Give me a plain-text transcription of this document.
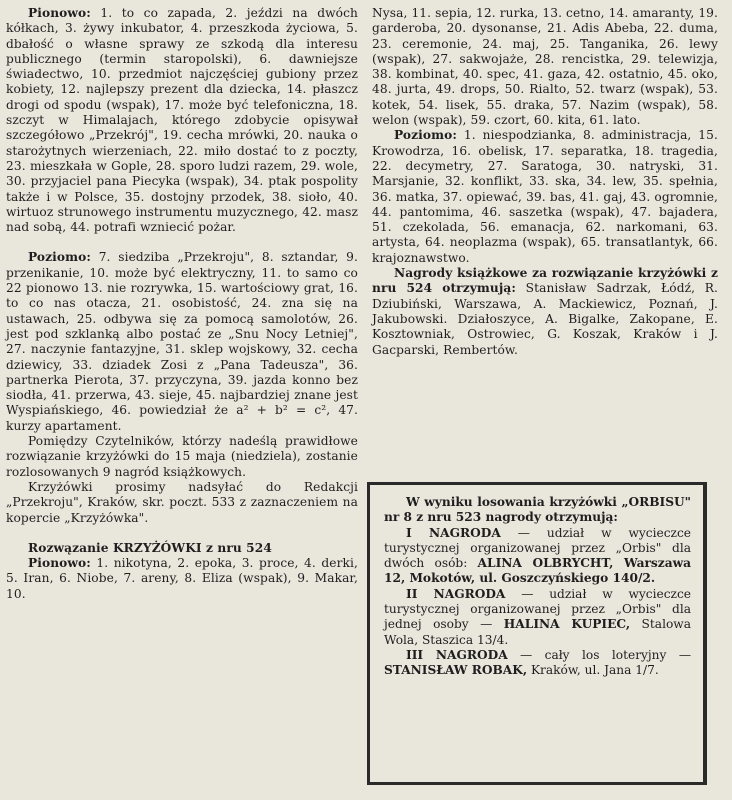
Pionowo: 1. to co zapada, 2. jeździ na dwóch kółkach, 3. żywy inkubator, 4. przeszkoda życiowa, 5. dbałość o własne sprawy ze szkodą dla interesu publicznego (termin staropolski), 6. dawniejsze świadectwo, 10. przedmiot najczęściej gubiony przez kobiety, 12. najlepszy prezent dla dziecka, 14. płaszcz drogi od spodu (wspak), 17. może być telefoniczna, 18. szczyt w Himalajach, którego zdobycie opisywał szczegółowo „Przekrój", 19. cecha mrówki, 20. nauka o starożytnych wierzeniach, 22. miło dostać to z poczty, 23. mieszkała w Gople, 28. sporo ludzi razem, 29. wole, 30. przyjaciel pana Piecyka (wspak), 34. ptak pospolity także i w Polsce, 35. dostojny przodek, 38. sioło, 40. wirtuoz strunowego instrumentu muzycznego, 42. masz nad sobą, 44. potrafi wzniecić pożar.

Poziomo: 7. siedziba „Przekroju", 8. sztandar, 9. przenikanie, 10. może być elektryczny, 11. to samo co 22 pionowo 13. nie rozrywka, 15. wartościowy grat, 16. to co nas otacza, 21. osobistość, 24. zna się na ustawach, 25. odbywa się za pomocą samolotów, 26. jest pod szklanką albo postać ze „Snu Nocy Letniej", 27. naczynie fantazyjne, 31. sklep wojskowy, 32. cecha dziewicy, 33. dziadek Zosi z „Pana Tadeusza", 36. partnerka Pierota, 37. przyczyna, 39. jazda konno bez siodła, 41. przerwa, 43. sieje, 45. najbardziej znane jest Wyspiańskiego, 46. powiedział że a² + b² = c², 47. kurzy apartament.

Pomiędzy Czytelników, którzy nadeślą prawidłowe rozwiązanie krzyżówki do 15 maja (niedziela), zostanie rozlosowanych 9 nagród książkowych.

Krzyżówki prosimy nadsyłać do Redakcji „Przekroju", Kraków, skr. poczt. 533 z zaznaczeniem na kopercie „Krzyżówka".

Rozwązanie KRZYŻÓWKI z nru 524

Pionowo: 1. nikotyna, 2. epoka, 3. proce, 4. derki, 5. Iran, 6. Niobe, 7. areny, 8. Eliza (wspak), 9. Makar, 10.

Nysa, 11. sepia, 12. rurka, 13. cetno, 14. amaranty, 19. garderoba, 20. dysonanse, 21. Adis Abeba, 22. duma, 23. ceremonie, 24. maj, 25. Tanganika, 26. lewy (wspak), 27. sakwojaże, 28. rencistka, 29. telewizja, 38. kombinat, 40. spec, 41. gaza, 42. ostatnio, 45. oko, 48. jurta, 49. drops, 50. Rialto, 52. twarz (wspak), 53. kotek, 54. lisek, 55. draka, 57. Nazim (wspak), 58. welon (wspak), 59. czort, 60. kita, 61. lato.

Poziomo: 1. niespodzianka, 8. administracja, 15. Krowodrza, 16. obelisk, 17. separatka, 18. tragedia, 22. decymetry, 27. Saratoga, 30. natryski, 31. Marsjanie, 32. konflikt, 33. ska, 34. lew, 35. spełnia, 36. matka, 37. opiewać, 39. bas, 41. gaj, 43. ogromnie, 44. pantomima, 46. saszetka (wspak), 47. bajadera, 51. czekolada, 56. emanacja, 62. narkomani, 63. artysta, 64. neoplazma (wspak), 65. transatlantyk, 66. krajoznawstwo.

Nagrody książkowe za rozwiązanie krzyżówki z nru 524 otrzymują: Stanisław Sadrzak, Łódź, R. Dziubiński, Warszawa, A. Mackiewicz, Poznań, J. Jakubowski. Działoszyce, A. Bigalke, Zakopane, E. Kosztowniak, Ostrowiec, G. Koszak, Kraków i J. Gacparski, Rembertów.

W wyniku losowania krzyżówki „ORBISU" nr 8 z nru 523 nagrody otrzymują:

I NAGRODA — udział w wycieczce turystycznej organizowanej przez „Orbis" dla dwóch osób: ALINA OLBRYCHT, Warszawa 12, Mokotów, ul. Goszczyńskiego 140/2.

II NAGRODA — udział w wycieczce turystycznej organizowanej przez „Orbis" dla jednej osoby — HALINA KUPIEC, Stalowa Wola, Staszica 13/4.

III NAGRODA — cały los loteryjny — STANISŁAW ROBAK, Kraków, ul. Jana 1/7.
